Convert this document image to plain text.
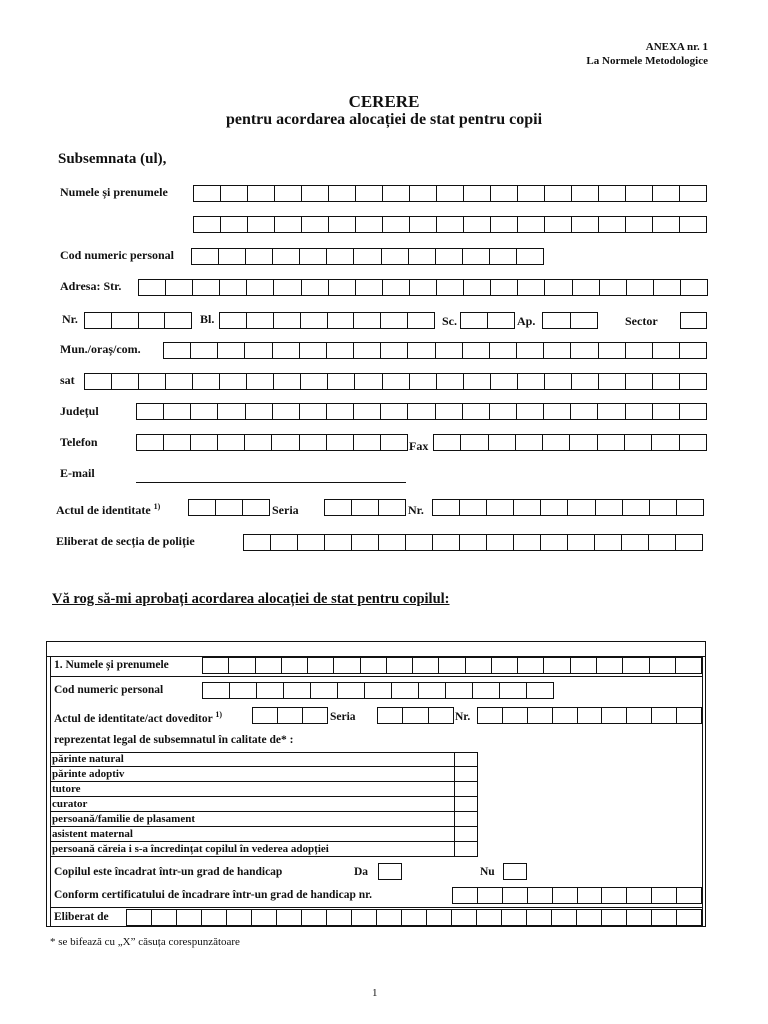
ANEXA nr. 1
La Normele Metodologice
CERERE
pentru acordarea alocației de stat pentru copii
Subsemnata (ul),
Numele și prenumele
Cod numeric personal
Adresa: Str.
Nr.	Bl.	Sc.	Ap.	Sector
Mun./oraș/com.
sat
Județul
Telefon	Fax
E-mail
Actul de identitate $^{1)}$	Seria	Nr.
Eliberat de secția de poliție
Vă rog să-mi aprobați acordarea alocației de stat pentru copilul:
1. Numele și prenumele
Cod numeric personal
Actul de identitate/act doveditor $^{1)}$	Seria	Nr.
reprezentat legal de subsemnatul în calitate de* :
părinte natural
părinte adoptiv
tutore
curator
persoană/familie de plasament
asistent maternal
persoană căreia i s-a încredințat copilul în vederea adopției
Copilul este încadrat într-un grad de handicap	Da	Nu
Conform certificatului de încadrare într-un grad de handicap nr.
Eliberat de
* se bifează cu „X” căsuța corespunzătoare
1
